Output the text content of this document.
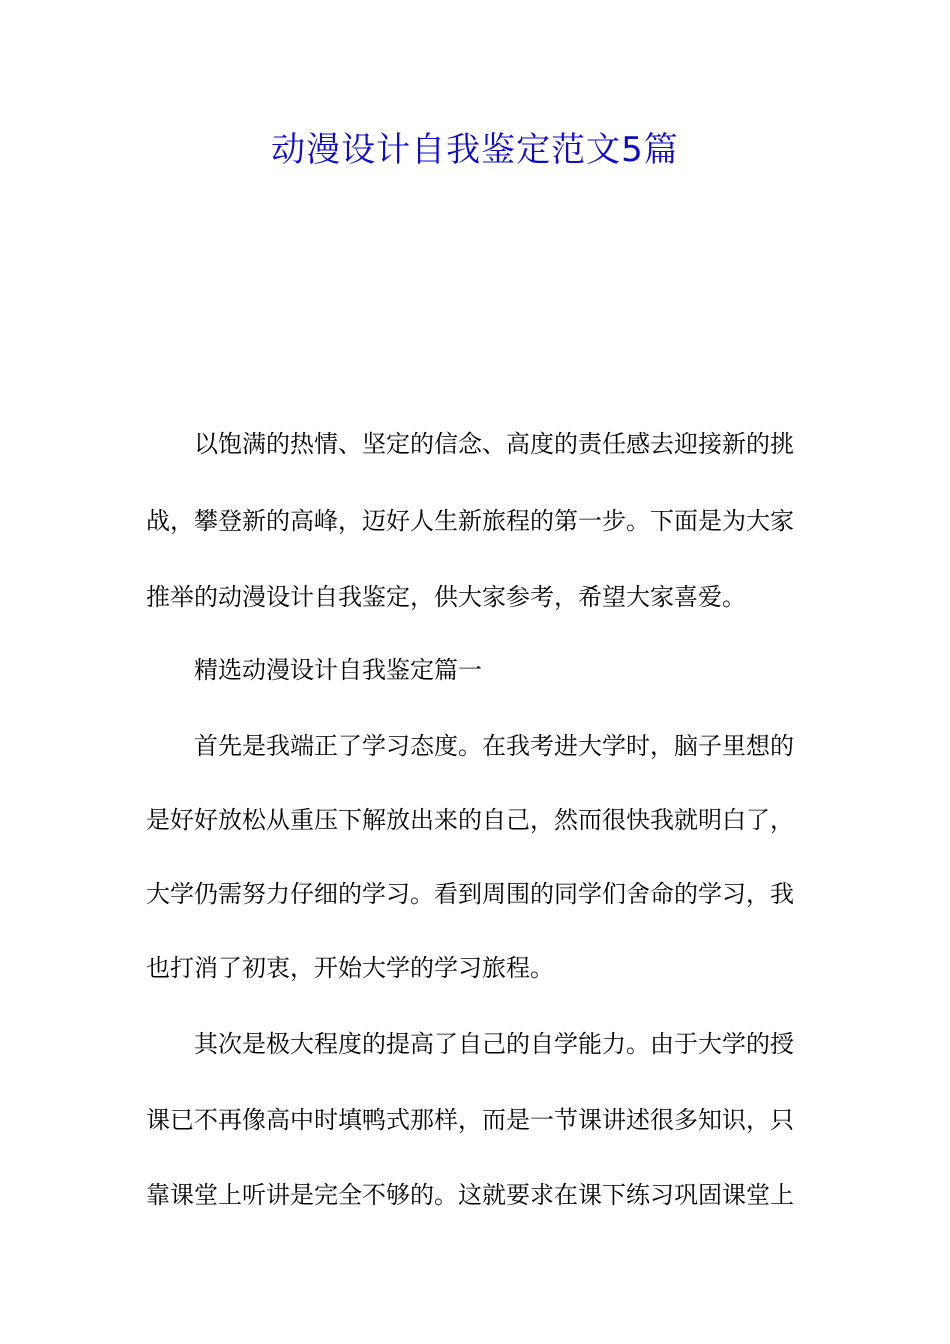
动漫设计自我鉴定范文5篇
以饱满的热情、坚定的信念、高度的责任感去迎接新的挑
战，攀登新的高峰，迈好人生新旅程的第一步。下面是为大家
推举的动漫设计自我鉴定，供大家参考，希望大家喜爱。
精选动漫设计自我鉴定篇一
首先是我端正了学习态度。在我考进大学时，脑子里想的
是好好放松从重压下解放出来的自己，然而很快我就明白了，
大学仍需努力仔细的学习。看到周围的同学们舍命的学习，我
也打消了初衷，开始大学的学习旅程。
其次是极大程度的提高了自己的自学能力。由于大学的授
课已不再像高中时填鸭式那样，而是一节课讲述很多知识，只
靠课堂上听讲是完全不够的。这就要求在课下练习巩固课堂上
